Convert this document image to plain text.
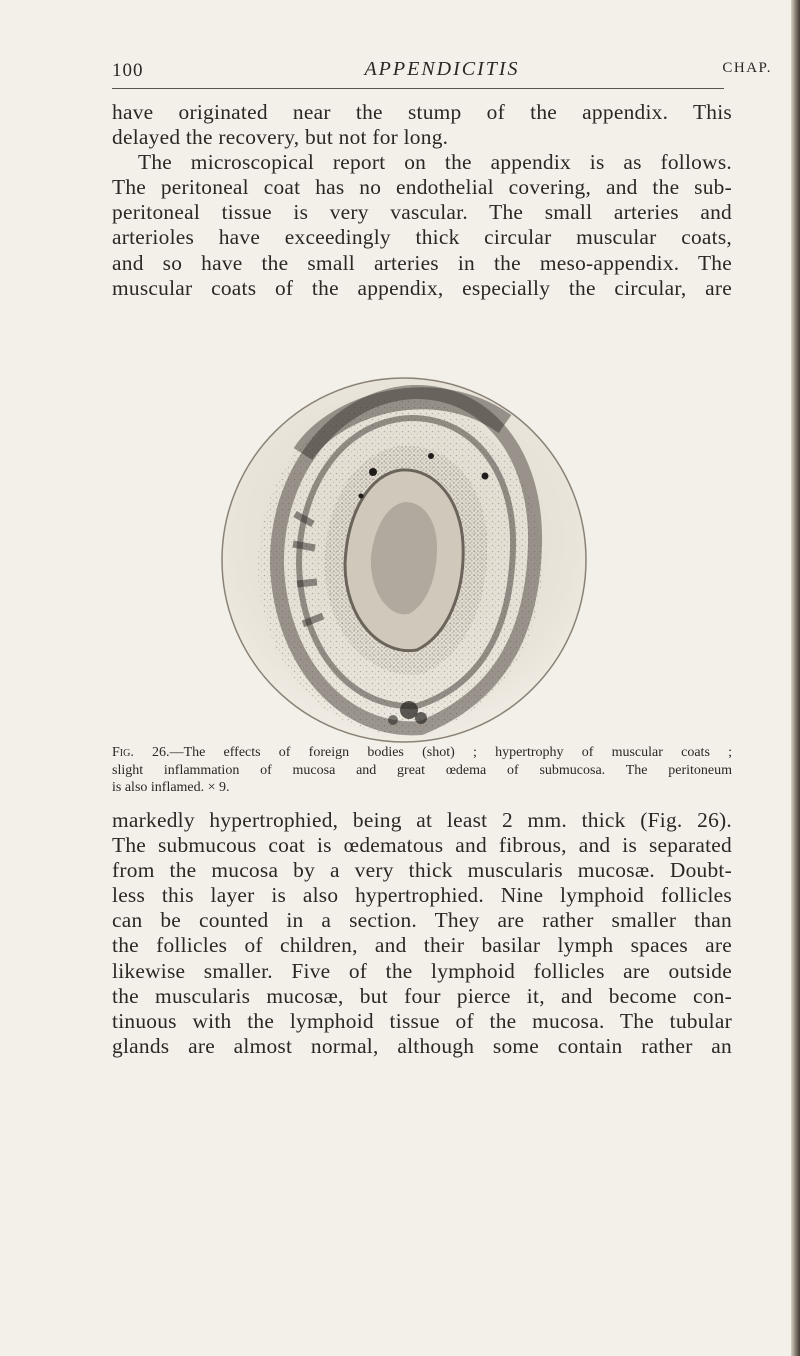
100	APPENDICITIS	CHAP.
have originated near the stump of the appendix. This
delayed the recovery, but not for long.
The microscopical report on the appendix is as follows.
The peritoneal coat has no endothelial covering, and the sub-
peritoneal tissue is very vascular. The small arteries and
arterioles have exceedingly thick circular muscular coats,
and so have the small arteries in the meso-appendix. The
muscular coats of the appendix, especially the circular, are
Fig. 26.—The effects of foreign bodies (shot) ; hypertrophy of muscular coats ;
slight inflammation of mucosa and great œdema of submucosa. The peritoneum
is also inflamed. × 9.
markedly hypertrophied, being at least 2 mm. thick (Fig. 26).
The submucous coat is œdematous and fibrous, and is separated
from the mucosa by a very thick muscularis mucosæ. Doubt-
less this layer is also hypertrophied. Nine lymphoid follicles
can be counted in a section. They are rather smaller than
the follicles of children, and their basilar lymph spaces are
likewise smaller. Five of the lymphoid follicles are outside
the muscularis mucosæ, but four pierce it, and become con-
tinuous with the lymphoid tissue of the mucosa. The tubular
glands are almost normal, although some contain rather an
